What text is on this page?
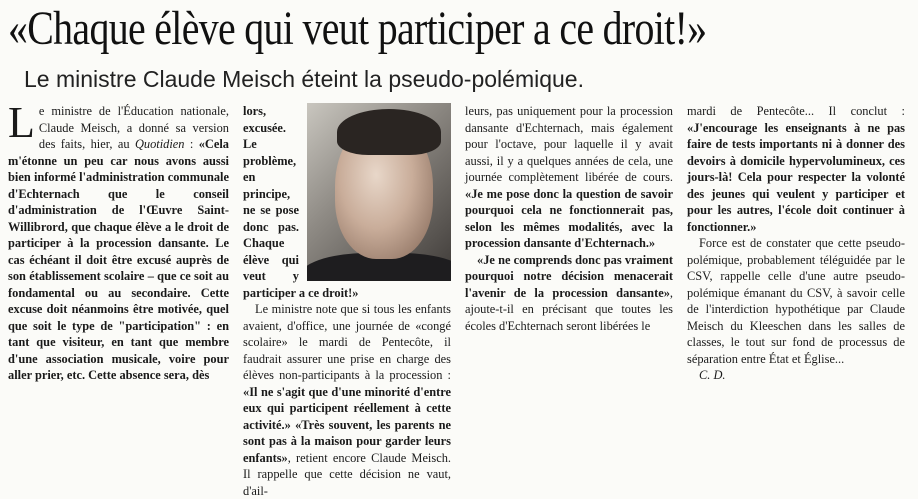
«Chaque élève qui veut participer a ce droit!»
Le ministre Claude Meisch éteint la pseudo-polémique.

Le ministre de l'Éducation nationale, Claude Meisch, a donné sa version des faits, hier, au Quotidien : «Cela m'étonne un peu car nous avons aussi bien informé l'administration communale d'Echternach que le conseil d'administration de l'Œuvre Saint-Willibrord, que chaque élève a le droit de participer à la procession dansante. Le cas échéant il doit être excusé auprès de son établissement scolaire – que ce soit au fondamental ou au secondaire. Cette excuse doit néanmoins être motivée, quel que soit le type de "participation" : en tant que visiteur, en tant que membre d'une association musicale, voire pour aller prier, etc. Cette absence sera, dès

lors, excusée. Le problème, en principe, ne se pose donc pas. Chaque élève qui veut y participer a ce droit!»

Le ministre note que si tous les enfants avaient, d'office, une journée de «congé scolaire» le mardi de Pentecôte, il faudrait assurer une prise en charge des élèves non-participants à la procession : «Il ne s'agit que d'une minorité d'entre eux qui participent réellement à cette activité.» «Très souvent, les parents ne sont pas à la maison pour garder leurs enfants», retient encore Claude Meisch. Il rappelle que cette décision ne vaut, d'ail-

leurs, pas uniquement pour la procession dansante d'Echternach, mais également pour l'octave, pour laquelle il y avait aussi, il y a quelques années de cela, une journée complètement libérée de cours. «Je me pose donc la question de savoir pourquoi cela ne fonctionnerait pas, selon les mêmes modalités, avec la procession dansante d'Echternach.»

«Je ne comprends donc pas vraiment pourquoi notre décision menacerait l'avenir de la procession dansante», ajoute-t-il en précisant que toutes les écoles d'Echternach seront libérées le

mardi de Pentecôte... Il conclut : «J'encourage les enseignants à ne pas faire de tests importants ni à donner des devoirs à domicile hypervolumineux, ces jours-là! Cela pour respecter la volonté des jeunes qui veulent y participer et pour les autres, l'école doit continuer à fonctionner.»

Force est de constater que cette pseudo-polémique, probablement téléguidée par le CSV, rappelle celle d'une autre pseudo-polémique émanant du CSV, à savoir celle de l'interdiction hypothétique par Claude Meisch du Kleeschen dans les salles de classes, le tout sur fond de processus de séparation entre État et Église...

C. D.
